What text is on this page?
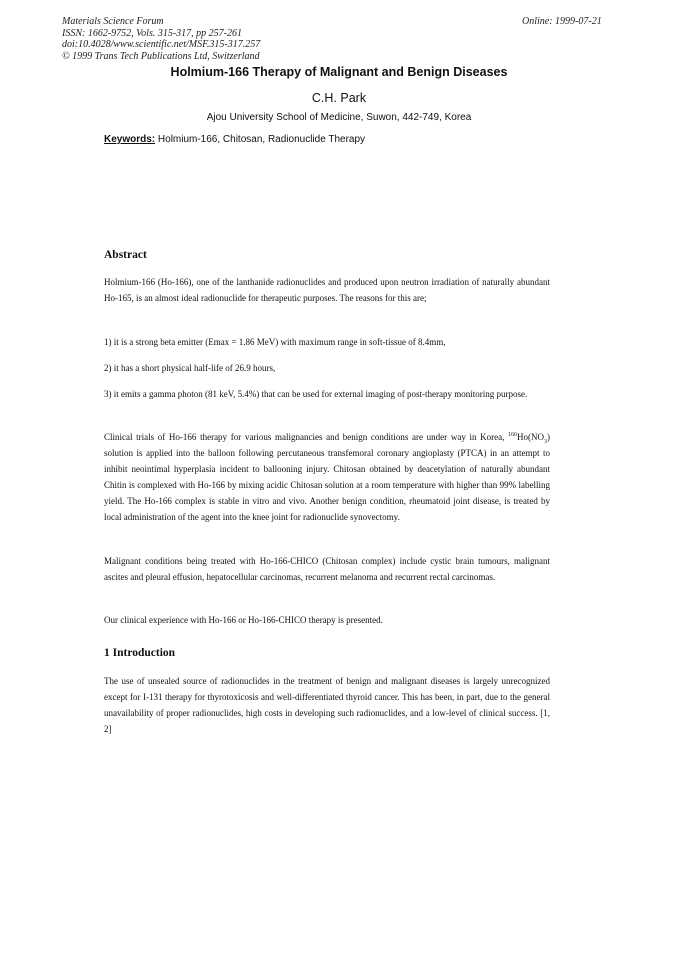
Materials Science Forum
ISSN: 1662-9752, Vols. 315-317, pp 257-261
doi:10.4028/www.scientific.net/MSF.315-317.257
© 1999 Trans Tech Publications Ltd, Switzerland
Online: 1999-07-21
Holmium-166 Therapy of Malignant and Benign Diseases
C.H. Park
Ajou University School of Medicine, Suwon, 442-749, Korea
Keywords: Holmium-166, Chitosan, Radionuclide Therapy
Abstract
Holmium-166 (Ho-166), one of the lanthanide radionuclides and produced upon neutron irradiation of naturally abundant Ho-165, is an almost ideal radionuclide for therapeutic purposes. The reasons for this are;
1) it is a strong beta emitter (Emax = 1.86 MeV) with maximum range in soft-tissue of 8.4mm,
2) it has a short physical half-life of 26.9 hours,
3) it emits a gamma photon (81 keV, 5.4%) that can be used for external imaging of post-therapy monitoring purpose.
Clinical trials of Ho-166 therapy for various malignancies and benign conditions are under way in Korea, $^{166}Ho(NO_3)$ solution is applied into the balloon following percutaneous transfemoral coronary angioplasty (PTCA) in an attempt to inhibit neointimal hyperplasia incident to ballooning injury. Chitosan obtained by deacetylation of naturally abundant Chitin is complexed with Ho-166 by mixing acidic Chitosan solution at a room temperature with higher than 99% labelling yield. The Ho-166 complex is stable in vitro and vivo. Another benign condition, rheumatoid joint disease, is treated by local administration of the agent into the knee joint for radionuclide synovectomy.
Malignant conditions being treated with Ho-166-CHICO (Chitosan complex) include cystic brain tumours, malignant ascites and pleural effusion, hepatocellular carcinomas, recurrent melanoma and recurrent rectal carcinomas.
Our clinical experience with Ho-166 or Ho-166-CHICO therapy is presented.
1 Introduction
The use of unsealed source of radionuclides in the treatment of benign and malignant diseases is largely unrecognized except for I-131 therapy for thyrotoxicosis and well-differentiated thyroid cancer. This has been, in part, due to the general unavailability of proper radionuclides, high costs in developing such radionuclides, and a low-level of clinical success. [1, 2]
